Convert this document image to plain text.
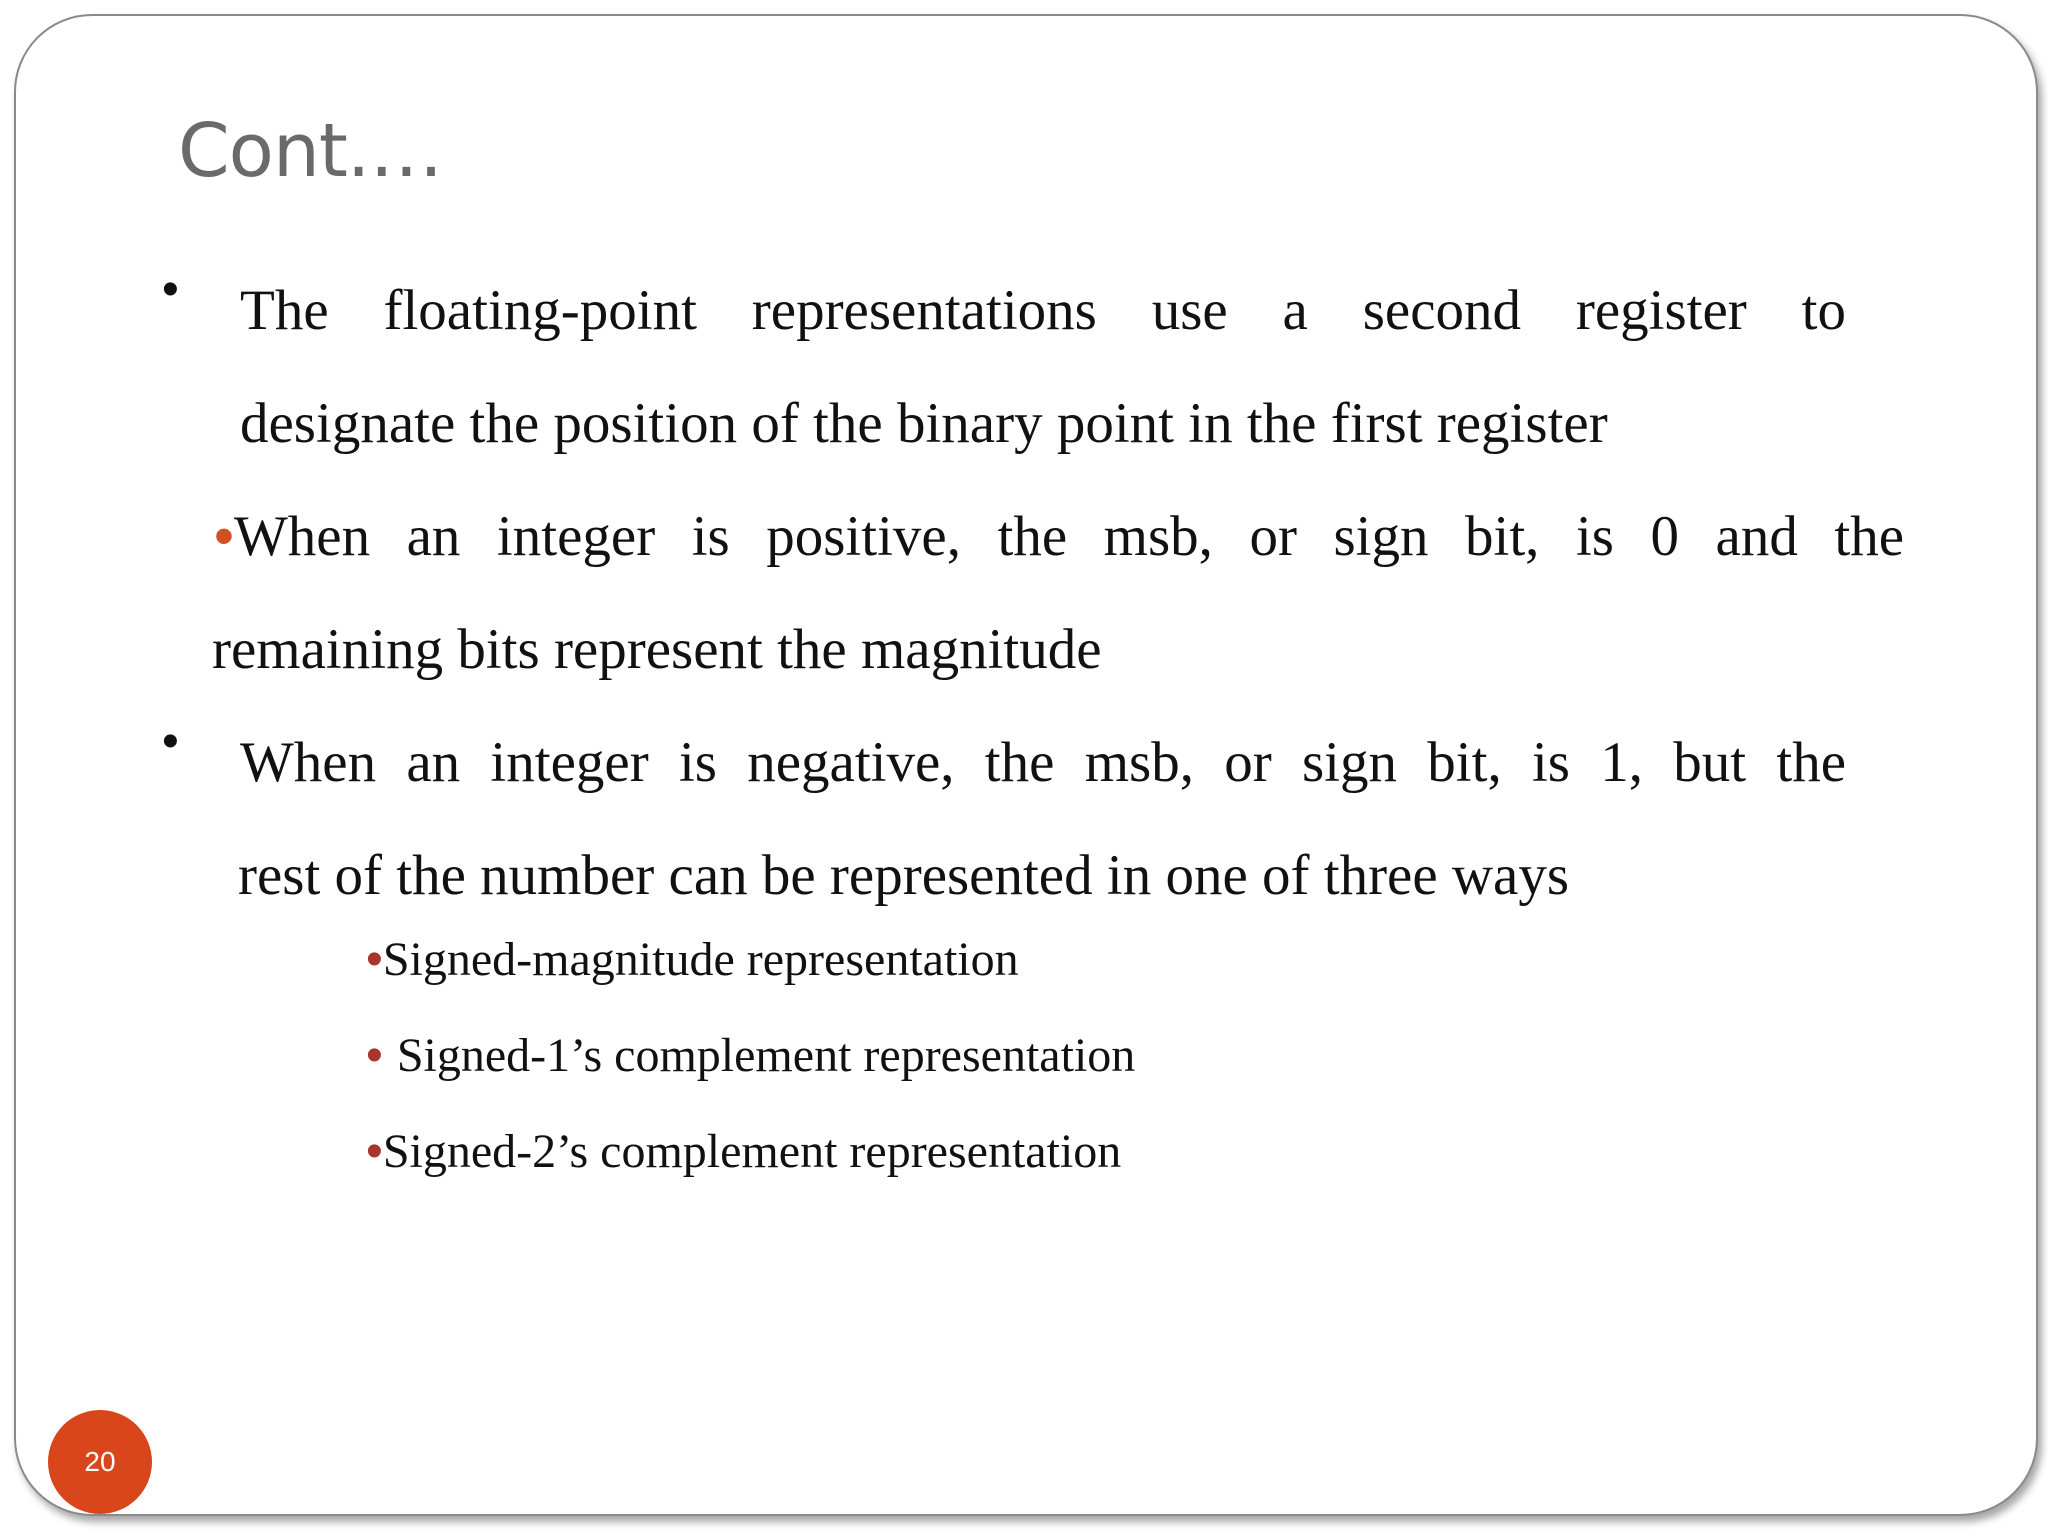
Cont.…
• The floating-point representations use a second register to
designate the position of the binary point in the first register
•When an integer is positive, the msb, or sign bit, is 0 and the
remaining bits represent the magnitude
• When an integer is negative, the msb, or sign bit, is 1, but the
rest of the number can be represented in one of three ways
•Signed-magnitude representation
• Signed-1’s complement representation
•Signed-2’s complement representation
20
